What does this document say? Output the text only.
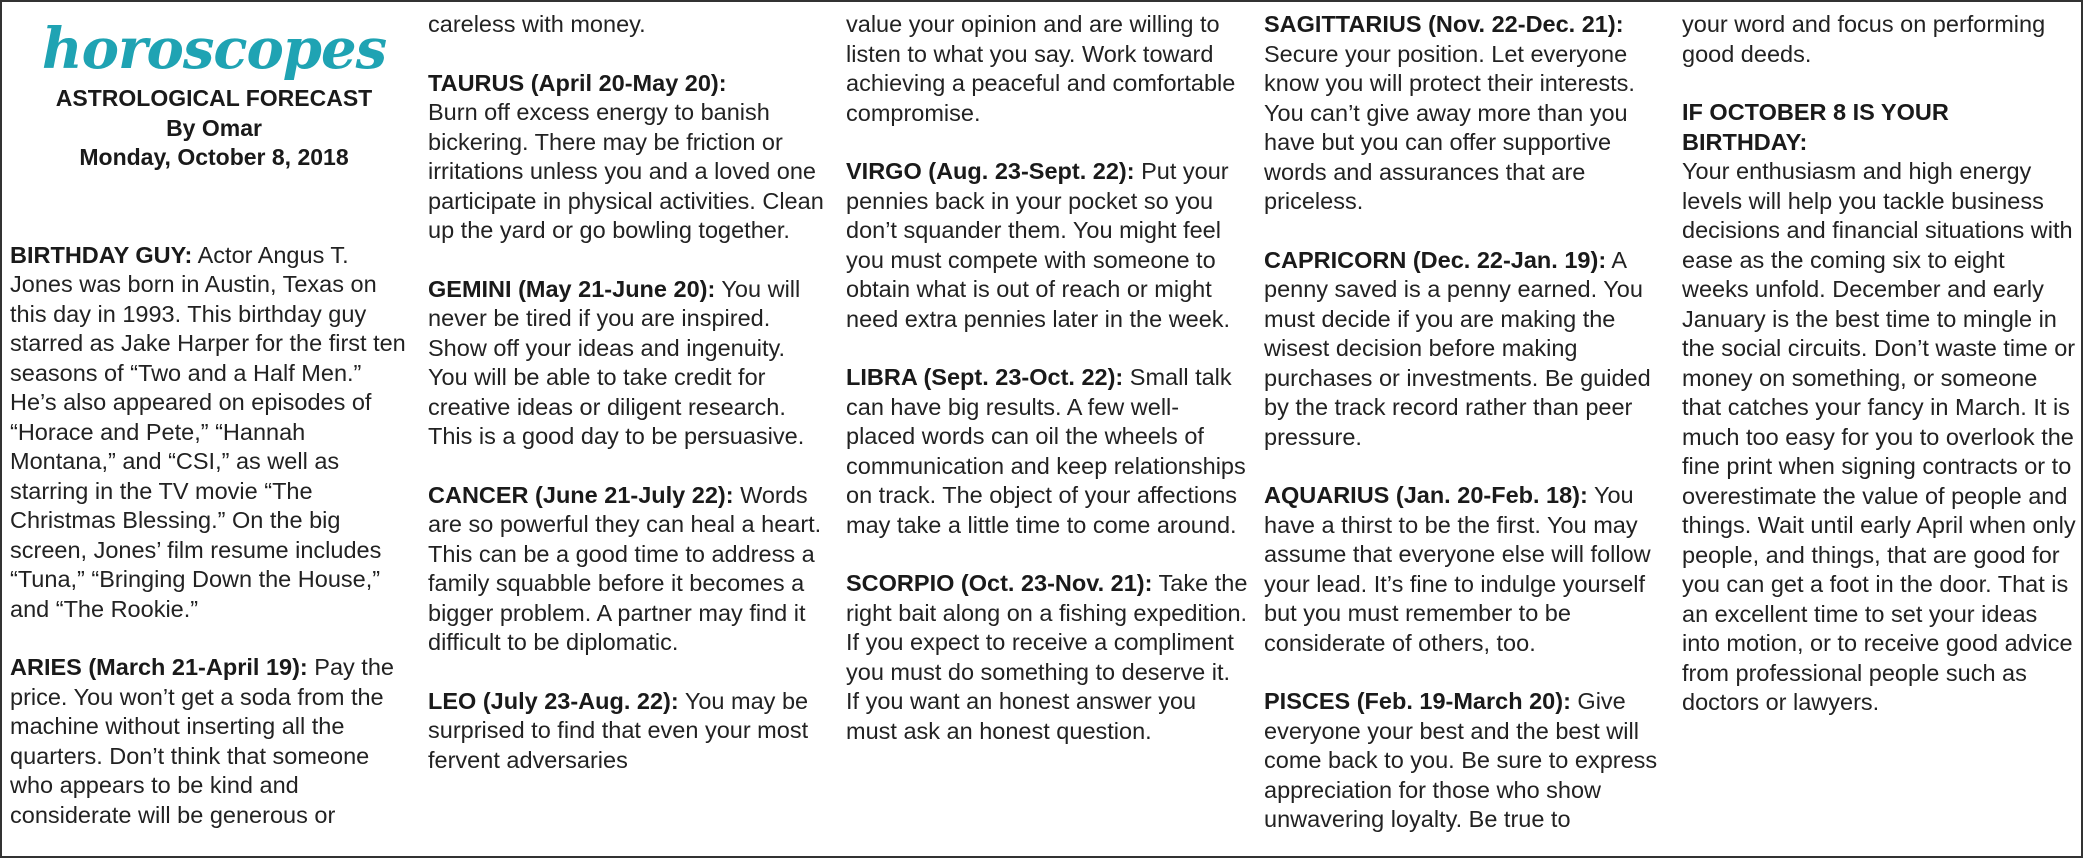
horoscopes
ASTROLOGICAL FORECAST
By Omar
Monday, October 8, 2018

BIRTHDAY GUY: Actor Angus T. Jones was born in Austin, Texas on this day in 1993. This birthday guy starred as Jake Harper for the first ten seasons of “Two and a Half Men.” He’s also appeared on episodes of “Horace and Pete,” “Hannah Montana,” and “CSI,” as well as starring in the TV movie “The Christmas Blessing.” On the big screen, Jones’ film resume includes “Tuna,” “Bringing Down the House,” and “The Rookie.”

ARIES (March 21-April 19): Pay the price. You won’t get a soda from the machine without inserting all the quarters. Don’t think that someone who appears to be kind and considerate will be generous or

careless with money.

TAURUS (April 20-May 20):
Burn off excess energy to banish bickering. There may be friction or irritations unless you and a loved one participate in physical activities. Clean up the yard or go bowling together.

GEMINI (May 21-June 20): You will never be tired if you are inspired. Show off your ideas and ingenuity. You will be able to take credit for creative ideas or diligent research. This is a good day to be persuasive.

CANCER (June 21-July 22): Words are so powerful they can heal a heart. This can be a good time to address a family squabble before it becomes a bigger problem. A partner may find it difficult to be diplomatic.

LEO (July 23-Aug. 22): You may be surprised to find that even your most fervent adversaries

value your opinion and are willing to listen to what you say. Work toward achieving a peaceful and comfortable compromise.

VIRGO (Aug. 23-Sept. 22): Put your pennies back in your pocket so you don’t squander them. You might feel you must compete with someone to obtain what is out of reach or might need extra pennies later in the week.

LIBRA (Sept. 23-Oct. 22): Small talk can have big results. A few well-placed words can oil the wheels of communication and keep relationships on track. The object of your affections may take a little time to come around.

SCORPIO (Oct. 23-Nov. 21): Take the right bait along on a fishing expedition. If you expect to receive a compliment you must do something to deserve it. If you want an honest answer you must ask an honest question.

SAGITTARIUS (Nov. 22-Dec. 21):
Secure your position. Let everyone know you will protect their interests. You can’t give away more than you have but you can offer supportive words and assurances that are priceless.

CAPRICORN (Dec. 22-Jan. 19): A penny saved is a penny earned. You must decide if you are making the wisest decision before making purchases or investments. Be guided by the track record rather than peer pressure.

AQUARIUS (Jan. 20-Feb. 18): You have a thirst to be the first. You may assume that everyone else will follow your lead. It’s fine to indulge yourself but you must remember to be considerate of others, too.

PISCES (Feb. 19-March 20): Give everyone your best and the best will come back to you. Be sure to express appreciation for those who show unwavering loyalty. Be true to

your word and focus on performing good deeds.

IF OCTOBER 8 IS YOUR BIRTHDAY:
Your enthusiasm and high energy levels will help you tackle business decisions and financial situations with ease as the coming six to eight weeks unfold. December and early January is the best time to mingle in the social circuits. Don’t waste time or money on something, or someone that catches your fancy in March. It is much too easy for you to overlook the fine print when signing contracts or to overestimate the value of people and things. Wait until early April when only people, and things, that are good for you can get a foot in the door. That is an excellent time to set your ideas into motion, or to receive good advice from professional people such as doctors or lawyers.
